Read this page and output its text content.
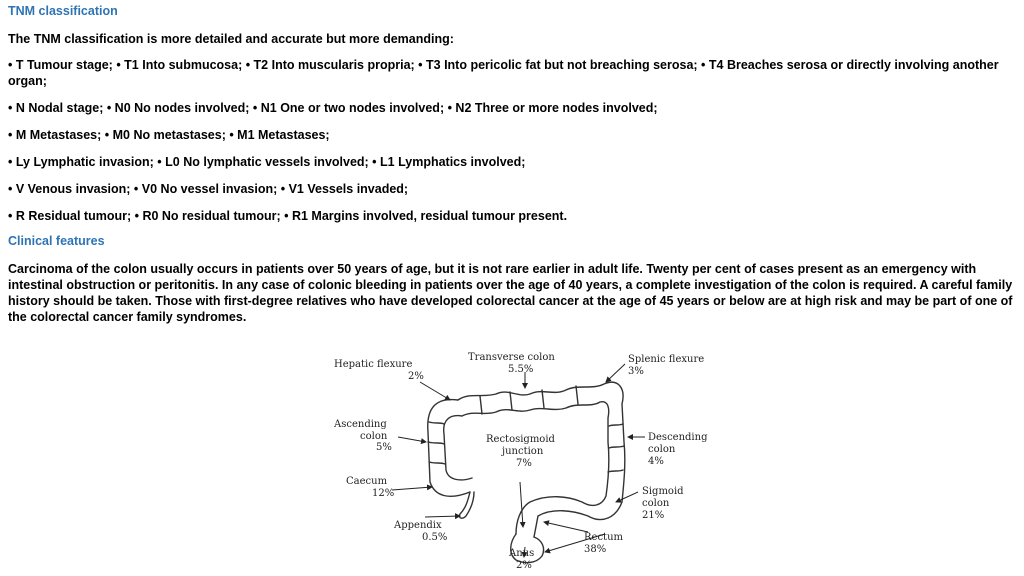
TNM classification
The TNM classification is more detailed and accurate but more demanding:
• T Tumour stage; • T1 Into submucosa; • T2 Into muscularis propria; • T3 Into pericolic fat but not breaching serosa; • T4 Breaches serosa or directly involving another organ;
• N Nodal stage; • N0 No nodes involved; • N1 One or two nodes involved; • N2 Three or more nodes involved;
• M Metastases; • M0 No metastases; • M1 Metastases;
• Ly Lymphatic invasion; • L0 No lymphatic vessels involved; • L1 Lymphatics involved;
• V Venous invasion; • V0 No vessel invasion; • V1 Vessels invaded;
• R Residual tumour; • R0 No residual tumour; • R1 Margins involved, residual tumour present.
Clinical features
Carcinoma of the colon usually occurs in patients over 50 years of age, but it is not rare earlier in adult life. Twenty per cent of cases present as an emergency with intestinal obstruction or peritonitis. In any case of colonic bleeding in patients over the age of 40 years, a complete investigation of the colon is required. A careful family history should be taken. Those with first-degree relatives who have developed colorectal cancer at the age of 45 years or below are at high risk and may be part of one of the colorectal cancer family syndromes.
Hepatic flexure
2%
Transverse colon
5.5%
Splenic flexure
3%
Ascending
colon
5%
Rectosigmoid
junction
7%
Descending
colon
4%
Caecum
12%	Sigmoid
colon
21%
Appendix
0.5%	Rectum
38%
Anus
2%
